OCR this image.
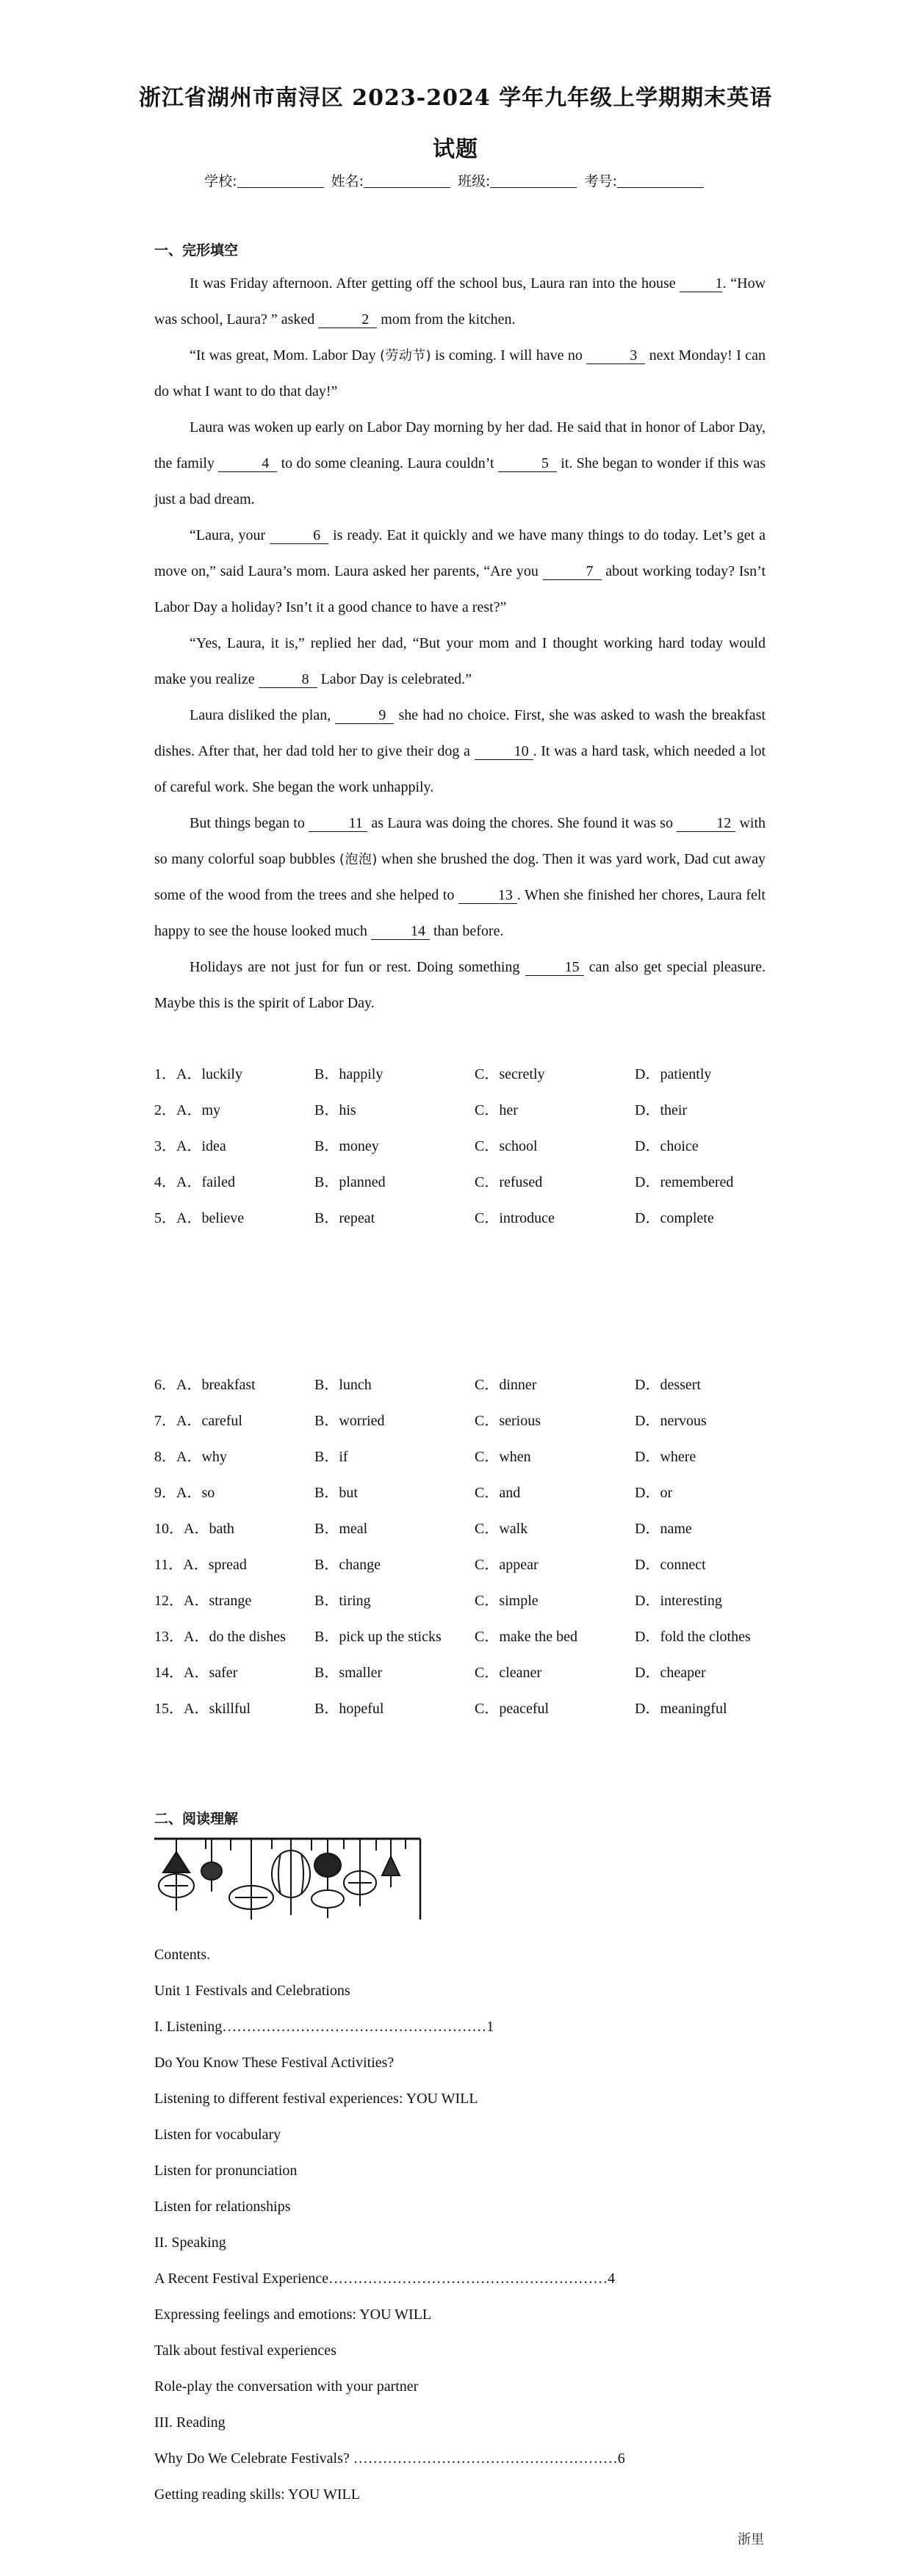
浙江省湖州市南浔区 2023-2024 学年九年级上学期期末英语
试题
学校:	姓名:	班级:	考号:
一、完形填空

It was Friday afternoon. After getting off the school bus, Laura ran into the house 1. “How was school, Laura? ” asked	2 mom from the kitchen.

“It was great, Mom. Labor Day (劳动节) is coming. I will have no	3 next Monday! I can do what I want to do that day!”

Laura was woken up early on Labor Day morning by her dad. He said that in honor of Labor Day, the family	4 to do some cleaning. Laura couldn’t	5 it. She began to wonder if this was just a bad dream.

“Laura, your	6 is ready. Eat it quickly and we have many things to do today. Let’s get a move on,” said Laura’s mom. Laura asked her parents, “Are you	7 about working today? Isn’t Labor Day a holiday? Isn’t it a good chance to have a rest?”

“Yes, Laura, it is,” replied her dad, “But your mom and I thought working hard today would make you realize	8 Labor Day is celebrated.”

Laura disliked the plan,	9 she had no choice. First, she was asked to wash the breakfast dishes. After that, her dad told her to give their dog a	10 . It was a hard task, which needed a lot of careful work. She began the work unhappily.

But things began to	11 as Laura was doing the chores. She found it was so	12 with so many colorful soap bubbles (泡泡) when she brushed the dog. Then it was yard work, Dad cut away some of the wood from the trees and she helped to	13 . When she finished her chores, Laura felt happy to see the house looked much	14 than before.

Holidays are not just for fun or rest. Doing something	15 can also get special pleasure. Maybe this is the spirit of Labor Day.

1．A．luckily	B．happily	C．secretly	D．patiently
2．A．my	B．his	C．her	D．their
3．A．idea	B．money	C．school	D．choice
4．A．failed	B．planned	C．refused	D．remembered
5．A．believe	B．repeat	C．introduce	D．complete
6．A．breakfast	B．lunch	C．dinner	D．dessert
7．A．careful	B．worried	C．serious	D．nervous
8．A．why	B．if	C．when	D．where
9．A．so	B．but	C．and	D．or
10．A．bath	B．meal	C．walk	D．name
11．A．spread	B．change	C．appear	D．connect
12．A．strange	B．tiring	C．simple	D．interesting
13．A．do the dishes B．pick up the sticks C．make the bed	D．fold the clothes
14．A．safer	B．smaller	C．cleaner	D．cheaper
15．A．skillful	B．hopeful	C．peaceful	D．meaningful
二、阅读理解
Contents.
Unit 1 Festivals and Celebrations
I. Listening………………………………………………1
Do You Know These Festival Activities?
Listening to different festival experiences: YOU WILL
Listen for vocabulary
Listen for pronunciation
Listen for relationships
II. Speaking
A Recent Festival Experience…………………………………………………4
Expressing feelings and emotions: YOU WILL
Talk about festival experiences
Role-play the conversation with your partner
III. Reading
Why Do We Celebrate Festivals? ………………………………………………6
Getting reading skills: YOU WILL
浙里
